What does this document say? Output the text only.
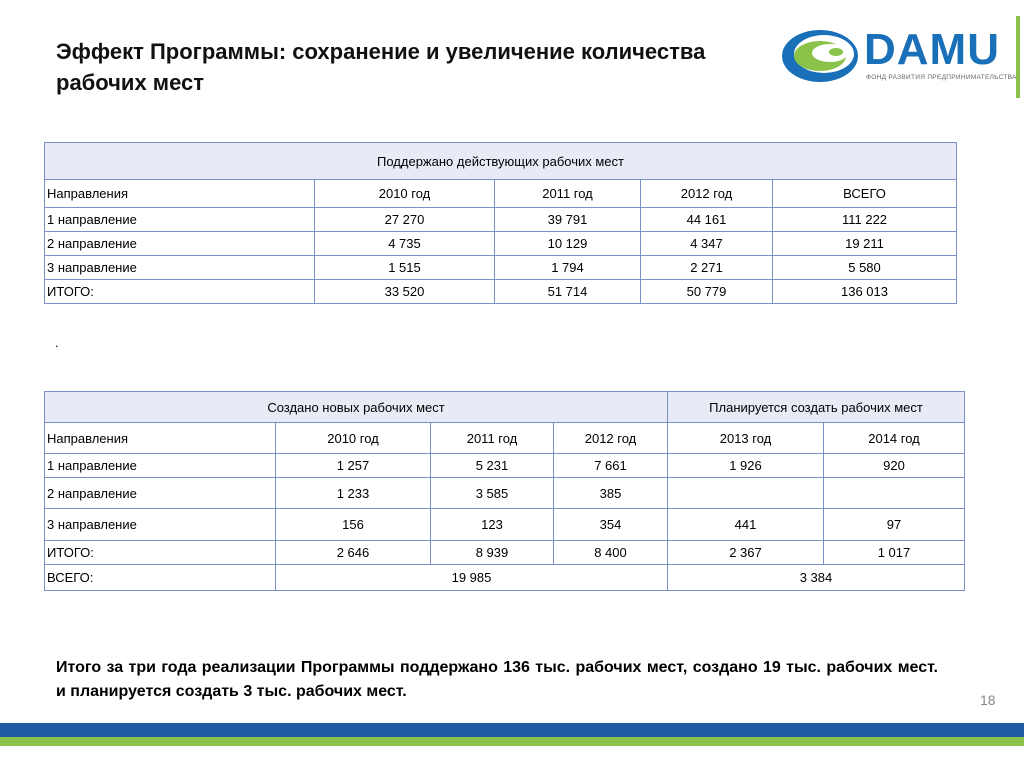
Эффект Программы: сохранение и увеличение количества рабочих мест
DAMU
ФОНД РАЗВИТИЯ ПРЕДПРИНИМАТЕЛЬСТВА
Поддержано действующих рабочих мест				
Направления	2010 год	2011 год	2012 год	ВСЕГО
1 направление	27 270	39 791	44 161	111 222
2 направление	4 735	10 129	4 347	19 211
3 направление	1 515	1 794	2 271	5 580
ИТОГО:	33 520	51 714	50 779	136 013
.
Создано новых рабочих мест				Планируется создать рабочих мест	
Направления	2010 год	2011 год	2012 год	2013 год	2014 год
1 направление	1 257	5 231	7 661	1 926	920
2 направление	1 233	3 585	385		
3 направление	156	123	354	441	97
ИТОГО:	2 646	8 939	8 400	2 367	1 017
ВСЕГО:	19 985			3 384	
Итого за три года реализации Программы поддержано 136 тыс. рабочих мест, создано 19 тыс. рабочих мест. и планируется создать 3 тыс. рабочих мест.	18
